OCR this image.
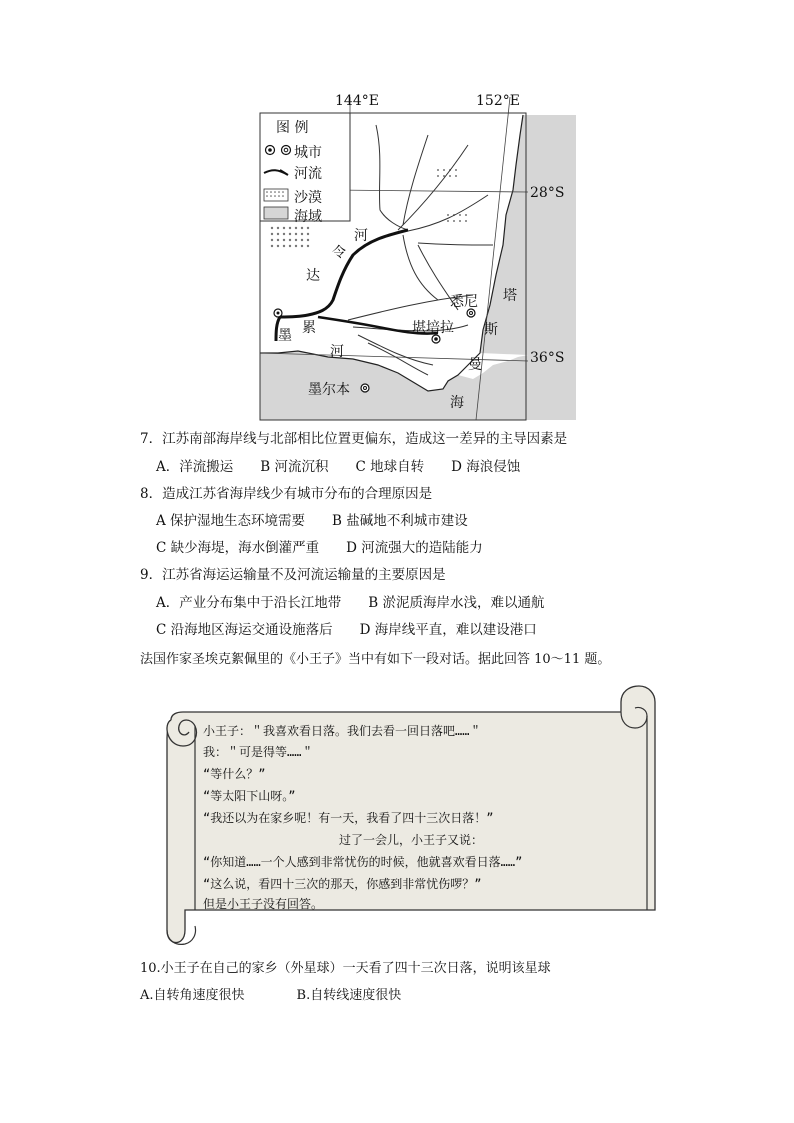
144°E	152°E
28°S
36°S
图 例
城市
河流
沙漠
海域
令
河
达
墨 累
河
悉尼
堪培拉
墨尔本
塔
斯
曼
海
7．江苏南部海岸线与北部相比位置更偏东，造成这一差异的主导因素是
A．洋流搬运　　B 河流沉积　　C 地球自转　　D 海浪侵蚀
8．造成江苏省海岸线少有城市分布的合理原因是
A 保护湿地生态环境需要　　B 盐碱地不利城市建设
C 缺少海堤，海水倒灌严重　　D 河流强大的造陆能力
9．江苏省海运运输量不及河流运输量的主要原因是
A．产业分布集中于沿长江地带　　B 淤泥质海岸水浅，难以通航
C 沿海地区海运交通设施落后　　D 海岸线平直，难以建设港口
法国作家圣埃克絮佩里的《小王子》当中有如下一段对话。据此回答 10～11 题。
小王子：＂我喜欢看日落。我们去看一回日落吧……＂
我：＂可是得等……＂
“等什么？”
“等太阳下山呀。”
“我还以为在家乡呢！有一天，我看了四十三次日落！”
过了一会儿，小王子又说：
“你知道……一个人感到非常忧伤的时候，他就喜欢看日落……”
“这么说，看四十三次的那天，你感到非常忧伤啰？”
但是小王子没有回答。
10.小王子在自己的家乡（外星球）一天看了四十三次日落，说明该星球
A.自转角速度很快　　　　B.自转线速度很快
